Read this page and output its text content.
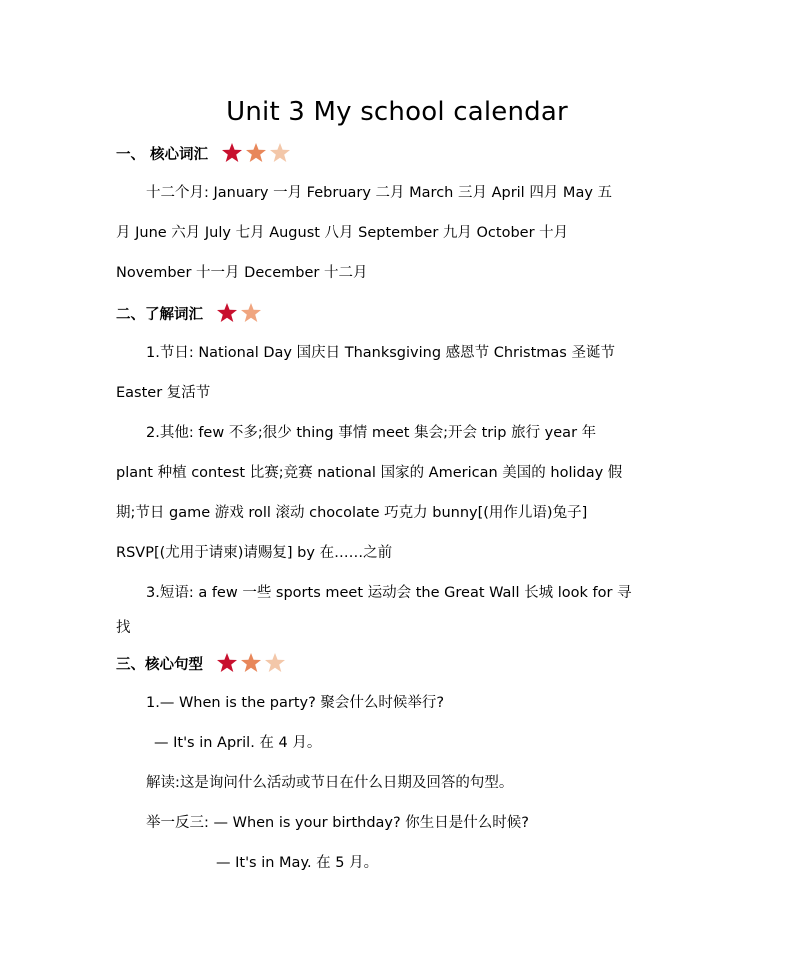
Unit 3 My school calendar
一、 核心词汇
十二个月: January 一月 February 二月 March 三月 April 四月 May 五
月 June 六月 July 七月 August 八月 September 九月 October 十月
November 十一月 December 十二月
二、了解词汇
1.节日: National Day 国庆日 Thanksgiving 感恩节 Christmas 圣诞节
Easter 复活节
2.其他: few 不多;很少 thing 事情 meet 集会;开会 trip 旅行 year 年
plant 种植 contest 比赛;竞赛 national 国家的 American 美国的 holiday 假
期;节日 game 游戏 roll 滚动 chocolate 巧克力 bunny[(用作儿语)兔子]
RSVP[(尤用于请柬)请赐复] by 在……之前
3.短语: a few 一些 sports meet 运动会 the Great Wall 长城 look for 寻
找
三、核心句型
1.— When is the party? 聚会什么时候举行?
— It's in April. 在 4 月。
解读:这是询问什么活动或节日在什么日期及回答的句型。
举一反三: — When is your birthday? 你生日是什么时候?
— It's in May. 在 5 月。
